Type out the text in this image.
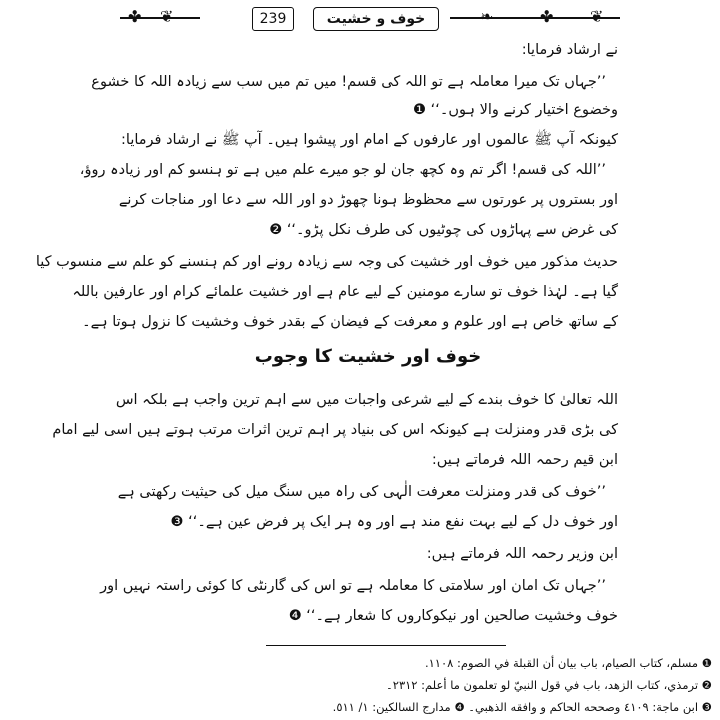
✤ ❦	239	خوف و خشیت	❧	✤ ❦
نے ارشاد فرمایا:
’’جہاں تک میرا معاملہ ہے تو اللہ کی قسم! میں تم میں سب سے زیادہ اللہ کا خشوع
وخضوع اختیار کرنے والا ہوں۔‘‘ ❶
کیونکہ آپ ﷺ عالموں اور عارفوں کے امام اور پیشوا ہیں۔ آپ ﷺ نے ارشاد فرمایا:
’’اللہ کی قسم! اگر تم وہ کچھ جان لو جو میرے علم میں ہے تو ہنسو کم اور زیادہ روؤ،
اور بستروں پر عورتوں سے محظوظ ہونا چھوڑ دو اور اللہ سے دعا اور مناجات کرنے
کی غرض سے پہاڑوں کی چوٹیوں کی طرف نکل پڑو۔‘‘ ❷
حدیث مذکور میں خوف اور خشیت کی وجہ سے زیادہ رونے اور کم ہنسنے کو علم سے منسوب کیا
گیا ہے۔ لہٰذا خوف تو سارے مومنین کے لیے عام ہے اور خشیت علمائے کرام اور عارفین باللہ
کے ساتھ خاص ہے اور علوم و معرفت کے فیضان کے بقدر خوف وخشیت کا نزول ہوتا ہے۔
خوف اور خشیت کا وجوب
اللہ تعالیٰ کا خوف بندے کے لیے شرعی واجبات میں سے اہم ترین واجب ہے بلکہ اس
کی بڑی قدر ومنزلت ہے کیونکہ اس کی بنیاد پر اہم ترین اثرات مرتب ہوتے ہیں اسی لیے امام
ابن قیم رحمہ اللہ فرماتے ہیں:
’’خوف کی قدر ومنزلت معرفت الٰہی کی راہ میں سنگ میل کی حیثیت رکھتی ہے
اور خوف دل کے لیے بہت نفع مند ہے اور وہ ہر ایک پر فرض عین ہے۔‘‘ ❸
ابن وزیر رحمہ اللہ فرماتے ہیں:
’’جہاں تک امان اور سلامتی کا معاملہ ہے تو اس کی گارنٹی کا کوئی راستہ نہیں اور
خوف وخشیت صالحین اور نیکوکاروں کا شعار ہے۔‘‘ ❹
❶ مسلم، كتاب الصيام، باب بيان أن القبلة في الصوم: ١١٠٨.
❷ ترمذي، كتاب الزهد، باب في قول النبيّ لو تعلمون ما أعلم: ٢٣١٢۔
❸ ابن ماجة: ٤١٠٩ وصححه الحاكم و وافقه الذهبي۔ ❹ مدارج السالكين: ١/ ٥١١.
